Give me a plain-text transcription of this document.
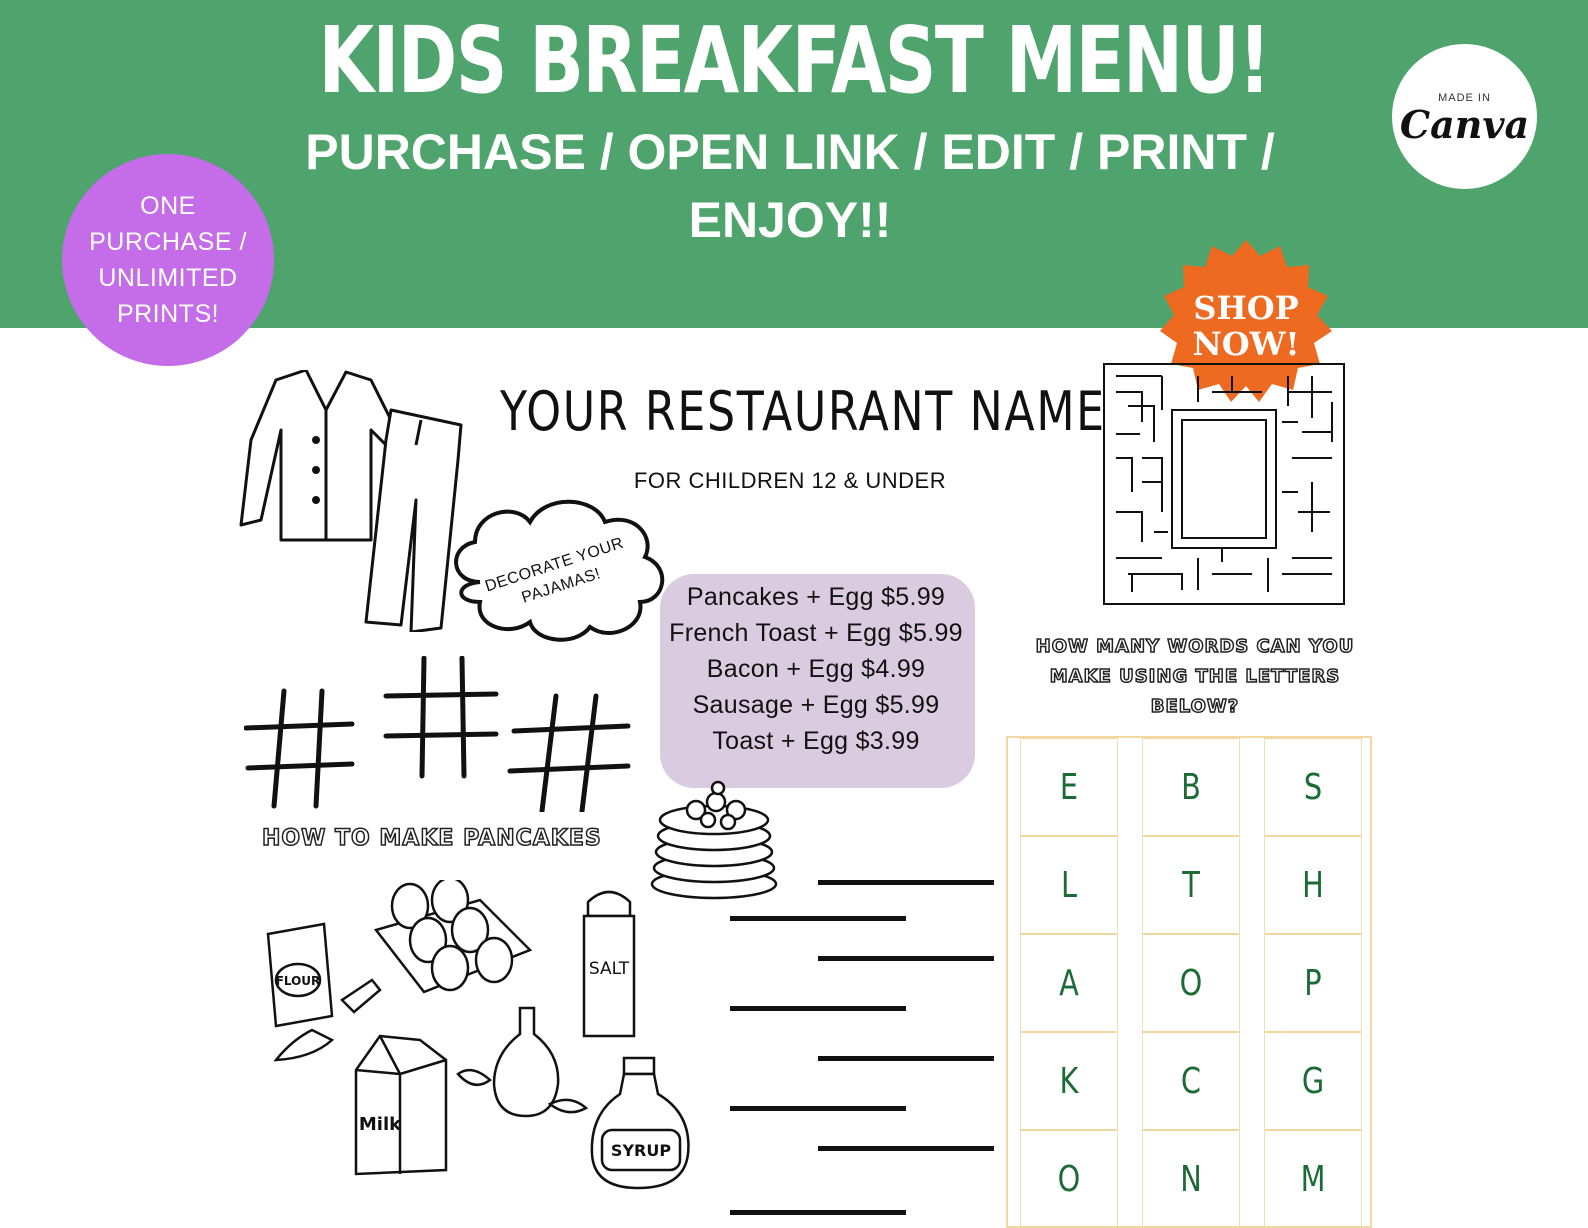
KIDS BREAKFAST MENU!
PURCHASE / OPEN LINK / EDIT / PRINT / ENJOY!!
MADE IN
Canva
ONE PURCHASE / UNLIMITED PRINTS!	SHOP
NOW!
YOUR RESTAURANT NAME
FOR CHILDREN 12 & UNDER
DECORATE YOUR PAJAMAS!	Pancakes + Egg $5.99
French Toast + Egg $5.99
Bacon + Egg $4.99
Sausage + Egg $5.99
Toast + Egg $3.99
HOW MANY WORDS CAN YOU MAKE USING THE LETTERS BELOW?
E	B	S
L	T	H
A	O	P
K	C	G
O	N	M
HOW TO MAKE PANCAKES
FLOUR
SALT
Milk
SYRUP
